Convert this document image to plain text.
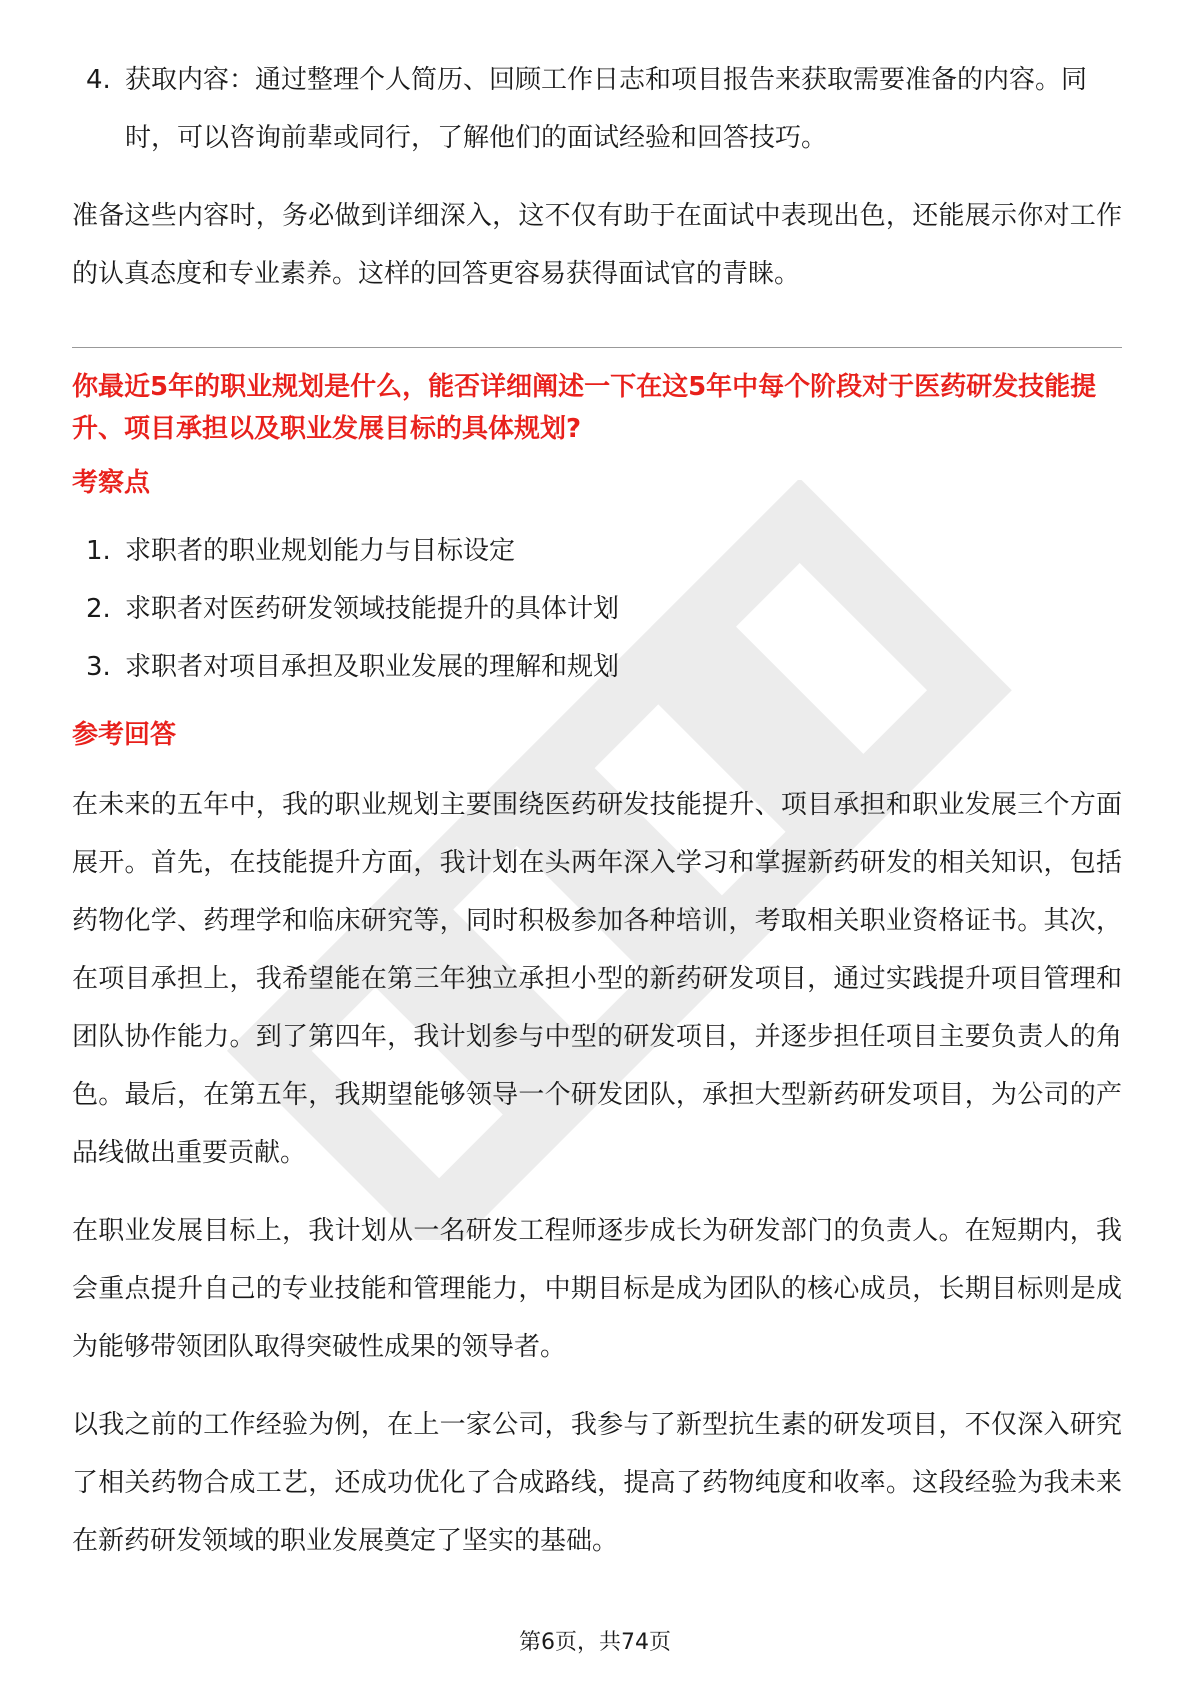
4. 获取内容：通过整理个人简历、回顾工作日志和项目报告来获取需要准备的内容。同时，可以咨询前辈或同行，了解他们的面试经验和回答技巧。

准备这些内容时，务必做到详细深入，这不仅有助于在面试中表现出色，还能展示你对工作的认真态度和专业素养。这样的回答更容易获得面试官的青睐。

你最近5年的职业规划是什么，能否详细阐述一下在这5年中每个阶段对于医药研发技能提升、项目承担以及职业发展目标的具体规划?

考察点

1. 求职者的职业规划能力与目标设定
2. 求职者对医药研发领域技能提升的具体计划
3. 求职者对项目承担及职业发展的理解和规划

参考回答

在未来的五年中，我的职业规划主要围绕医药研发技能提升、项目承担和职业发展三个方面展开。首先，在技能提升方面，我计划在头两年深入学习和掌握新药研发的相关知识，包括药物化学、药理学和临床研究等，同时积极参加各种培训，考取相关职业资格证书。其次，在项目承担上，我希望能在第三年独立承担小型的新药研发项目，通过实践提升项目管理和团队协作能力。到了第四年，我计划参与中型的研发项目，并逐步担任项目主要负责人的角色。最后，在第五年，我期望能够领导一个研发团队，承担大型新药研发项目，为公司的产品线做出重要贡献。

在职业发展目标上，我计划从一名研发工程师逐步成长为研发部门的负责人。在短期内，我会重点提升自己的专业技能和管理能力，中期目标是成为团队的核心成员，长期目标则是成为能够带领团队取得突破性成果的领导者。

以我之前的工作经验为例，在上一家公司，我参与了新型抗生素的研发项目，不仅深入研究了相关药物合成工艺，还成功优化了合成路线，提高了药物纯度和收率。这段经验为我未来在新药研发领域的职业发展奠定了坚实的基础。

第6页，共74页
